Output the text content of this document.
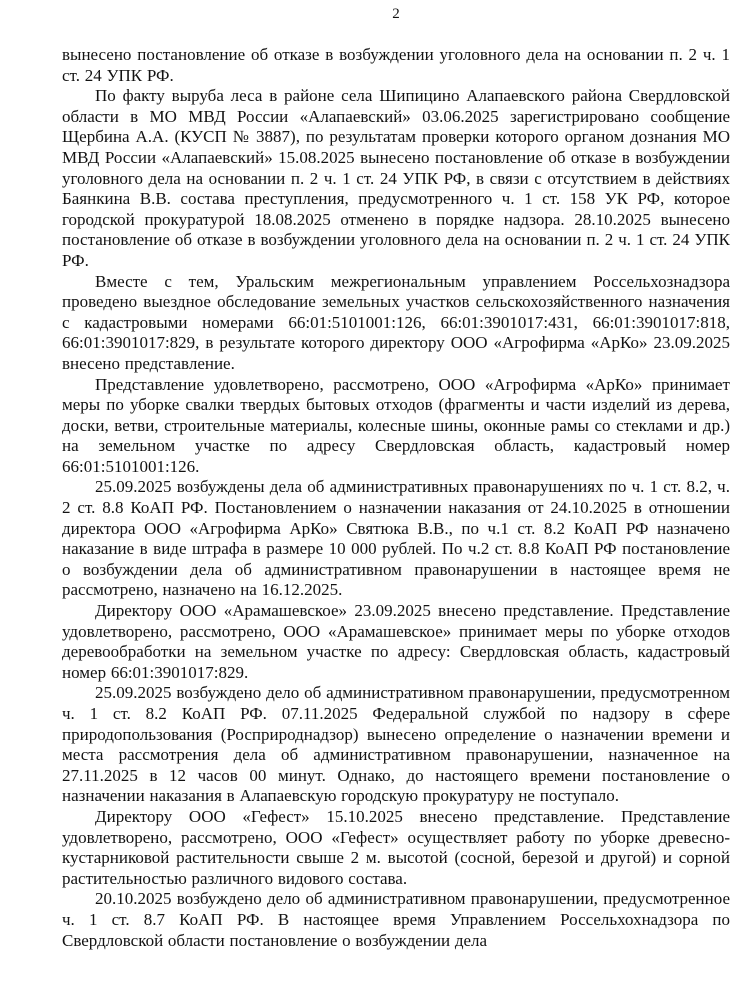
2

вынесено постановление об отказе в возбуждении уголовного дела на основании п. 2 ч. 1 ст. 24 УПК РФ.

По факту выруба леса в районе села Шипицино Алапаевского района Свердловской области в МО МВД России «Алапаевский» 03.06.2025 зарегистрировано сообщение Щербина А.А. (КУСП № 3887), по результатам проверки которого органом дознания МО МВД России «Алапаевский» 15.08.2025 вынесено постановление об отказе в возбуждении уголовного дела на основании п. 2 ч. 1 ст. 24 УПК РФ, в связи с отсутствием в действиях Баянкина В.В. состава преступления, предусмотренного ч. 1 ст. 158 УК РФ, которое городской прокуратурой 18.08.2025 отменено в порядке надзора. 28.10.2025 вынесено постановление об отказе в возбуждении уголовного дела на основании п. 2 ч. 1 ст. 24 УПК РФ.

Вместе с тем, Уральским межрегиональным управлением Россельхознадзора проведено выездное обследование земельных участков сельскохозяйственного назначения с кадастровыми номерами 66:01:5101001:126, 66:01:3901017:431, 66:01:3901017:818, 66:01:3901017:829, в результате которого директору ООО «Агрофирма «АрКо» 23.09.2025 внесено представление.

Представление удовлетворено, рассмотрено, ООО «Агрофирма «АрКо» принимает меры по уборке свалки твердых бытовых отходов (фрагменты и части изделий из дерева, доски, ветви, строительные материалы, колесные шины, оконные рамы со стеклами и др.) на земельном участке по адресу Свердловская область, кадастровый номер 66:01:5101001:126.

25.09.2025 возбуждены дела об административных правонарушениях по ч. 1 ст. 8.2, ч. 2 ст. 8.8 КоАП РФ. Постановлением о назначении наказания от 24.10.2025 в отношении директора ООО «Агрофирма АрКо» Святюка В.В., по ч.1 ст. 8.2 КоАП РФ назначено наказание в виде штрафа в размере 10 000 рублей. По ч.2 ст. 8.8 КоАП РФ постановление о возбуждении дела об административном правонарушении в настоящее время не рассмотрено, назначено на 16.12.2025.

Директору ООО «Арамашевское» 23.09.2025 внесено представление. Представление удовлетворено, рассмотрено, ООО «Арамашевское» принимает меры по уборке отходов деревообработки на земельном участке по адресу: Свердловская область, кадастровый номер 66:01:3901017:829.

25.09.2025 возбуждено дело об административном правонарушении, предусмотренном ч. 1 ст. 8.2 КоАП РФ. 07.11.2025 Федеральной службой по надзору в сфере природопользования (Росприроднадзор) вынесено определение о назначении времени и места рассмотрения дела об административном правонарушении, назначенное на 27.11.2025 в 12 часов 00 минут. Однако, до настоящего времени постановление о назначении наказания в Алапаевскую городскую прокуратуру не поступало.

Директору ООО «Гефест» 15.10.2025 внесено представление. Представление удовлетворено, рассмотрено, ООО «Гефест» осуществляет работу по уборке древесно-кустарниковой растительности свыше 2 м. высотой (сосной, березой и другой) и сорной растительностью различного видового состава.

20.10.2025 возбуждено дело об административном правонарушении, предусмотренное ч. 1 ст. 8.7 КоАП РФ. В настоящее время Управлением Россельхохнадзора по Свердловской области постановление о возбуждении дела
